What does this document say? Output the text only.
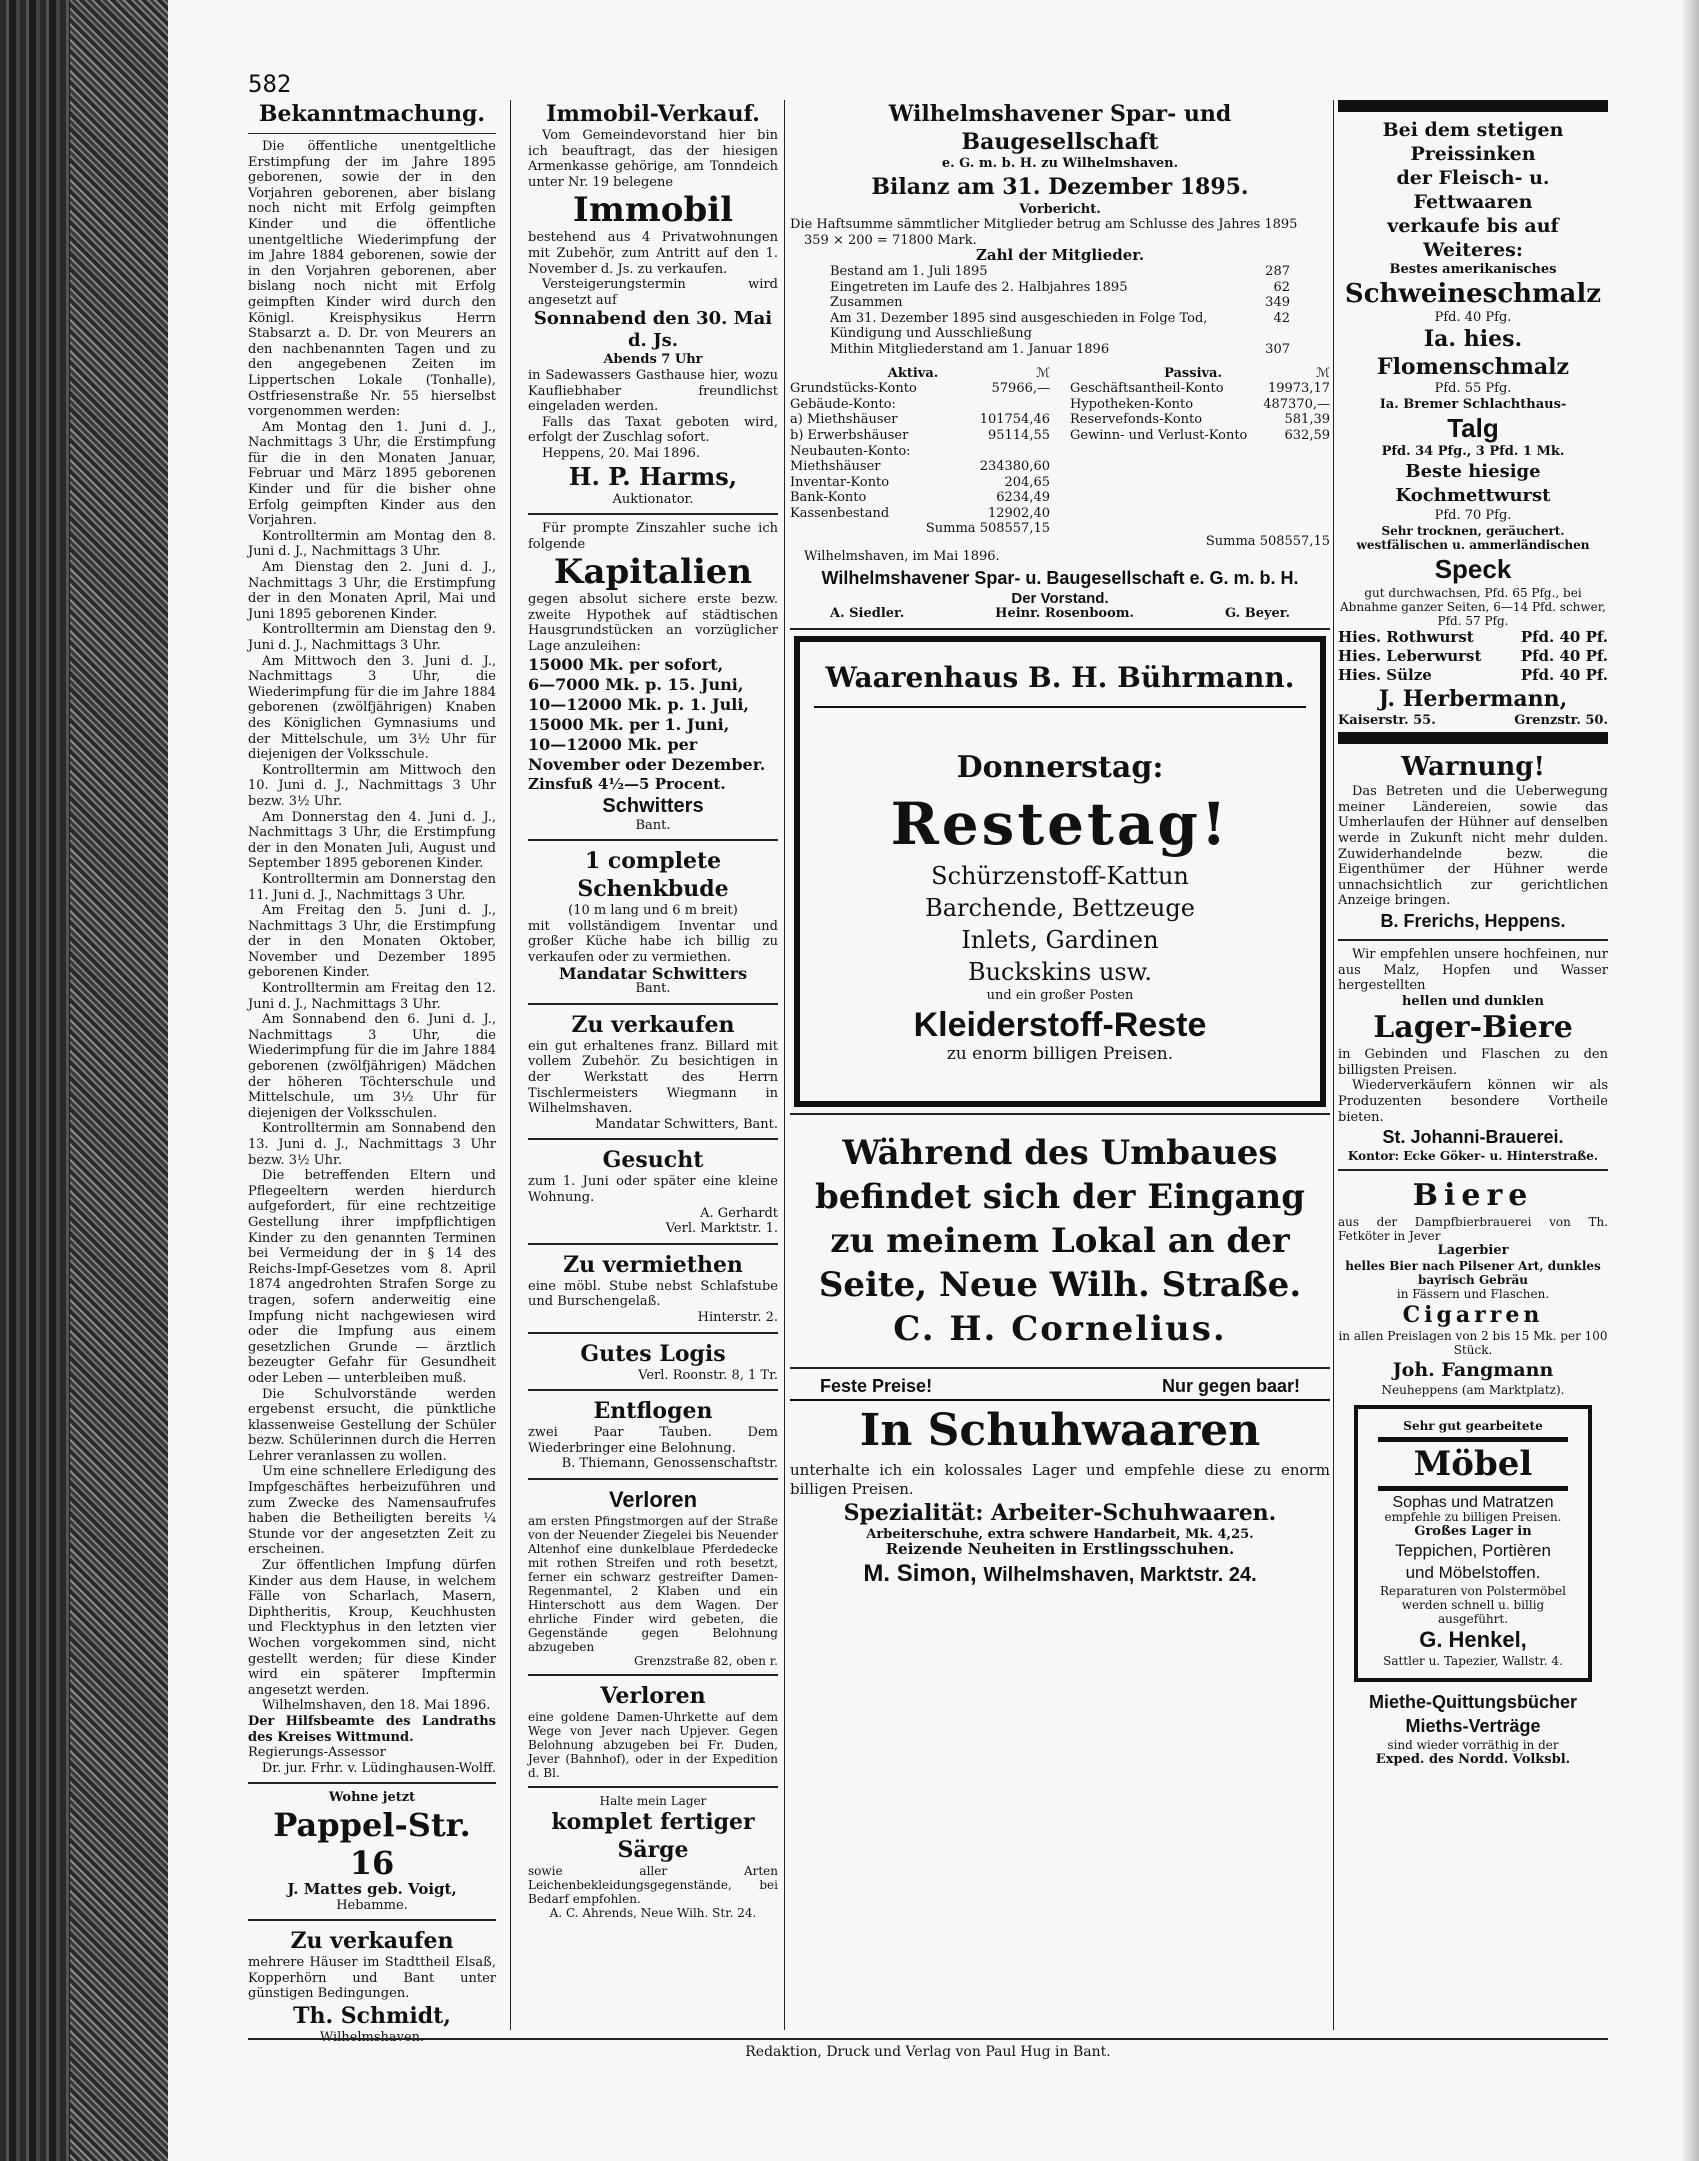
582
Bekanntmachung.

Die öffentliche unentgeltliche Erstimpfung der im Jahre 1895 geborenen, sowie der in den Vorjahren geborenen, aber bislang noch nicht mit Erfolg geimpften Kinder und die öffentliche unentgeltliche Wiederimpfung der im Jahre 1884 geborenen, sowie der in den Vorjahren geborenen, aber bislang noch nicht mit Erfolg geimpften Kinder wird durch den Königl. Kreisphysikus Herrn Stabsarzt a. D. Dr. von Meurers an den nachbenannten Tagen und zu den angegebenen Zeiten im Lippertschen Lokale (Tonhalle), Ostfriesenstraße Nr. 55 hierselbst vorgenommen werden:

Am Montag den 1. Juni d. J., Nachmittags 3 Uhr, die Erstimpfung für die in den Monaten Januar, Februar und März 1895 geborenen Kinder und für die bisher ohne Erfolg geimpften Kinder aus den Vorjahren.

Kontrolltermin am Montag den 8. Juni d. J., Nachmittags 3 Uhr.

Am Dienstag den 2. Juni d. J., Nachmittags 3 Uhr, die Erstimpfung der in den Monaten April, Mai und Juni 1895 geborenen Kinder.

Kontrolltermin am Dienstag den 9. Juni d. J., Nachmittags 3 Uhr.

Am Mittwoch den 3. Juni d. J., Nachmittags 3 Uhr, die Wiederimpfung für die im Jahre 1884 geborenen (zwölfjährigen) Knaben des Königlichen Gymnasiums und der Mittelschule, um 3½ Uhr für diejenigen der Volksschule.

Kontrolltermin am Mittwoch den 10. Juni d. J., Nachmittags 3 Uhr bezw. 3½ Uhr.

Am Donnerstag den 4. Juni d. J., Nachmittags 3 Uhr, die Erstimpfung der in den Monaten Juli, August und September 1895 geborenen Kinder.

Kontrolltermin am Donnerstag den 11. Juni d. J., Nachmittags 3 Uhr.

Am Freitag den 5. Juni d. J., Nachmittags 3 Uhr, die Erstimpfung der in den Monaten Oktober, November und Dezember 1895 geborenen Kinder.

Kontrolltermin am Freitag den 12. Juni d. J., Nachmittags 3 Uhr.

Am Sonnabend den 6. Juni d. J., Nachmittags 3 Uhr, die Wiederimpfung für die im Jahre 1884 geborenen (zwölfjährigen) Mädchen der höheren Töchterschule und Mittelschule, um 3½ Uhr für diejenigen der Volksschulen.

Kontrolltermin am Sonnabend den 13. Juni d. J., Nachmittags 3 Uhr bezw. 3½ Uhr.

Die betreffenden Eltern und Pflegeeltern werden hierdurch aufgefordert, für eine rechtzeitige Gestellung ihrer impfpflichtigen Kinder zu den genannten Terminen bei Vermeidung der in § 14 des Reichs-Impf-Gesetzes vom 8. April 1874 angedrohten Strafen Sorge zu tragen, sofern anderweitig eine Impfung nicht nachgewiesen wird oder die Impfung aus einem gesetzlichen Grunde — ärztlich bezeugter Gefahr für Gesundheit oder Leben — unterbleiben muß.

Die Schulvorstände werden ergebenst ersucht, die pünktliche klassenweise Gestellung der Schüler bezw. Schülerinnen durch die Herren Lehrer veranlassen zu wollen.

Um eine schnellere Erledigung des Impfgeschäftes herbeizuführen und zum Zwecke des Namensaufrufes haben die Betheiligten bereits ¼ Stunde vor der angesetzten Zeit zu erscheinen.

Zur öffentlichen Impfung dürfen Kinder aus dem Hause, in welchem Fälle von Scharlach, Masern, Diphtheritis, Kroup, Keuchhusten und Flecktyphus in den letzten vier Wochen vorgekommen sind, nicht gestellt werden; für diese Kinder wird ein späterer Impftermin angesetzt werden.

Wilhelmshaven, den 18. Mai 1896.

Der Hilfsbeamte des Landraths des Kreises Wittmund.

Regierungs-Assessor

Dr. jur. Frhr. v. Lüdinghausen-Wolff.

Wohne jetzt
Pappel-Str. 16
J. Mattes geb. Voigt,
Hebamme.
Zu verkaufen

mehrere Häuser im Stadttheil Elsaß, Kopperhörn und Bant unter günstigen Bedingungen.

Th. Schmidt,
Wilhelmshaven.
Immobil-Verkauf.

Vom Gemeindevorstand hier bin ich beauftragt, das der hiesigen Armenkasse gehörige, am Tonndeich unter Nr. 19 belegene

Immobil

bestehend aus 4 Privatwohnungen mit Zubehör, zum Antritt auf den 1. November d. Js. zu verkaufen.

Versteigerungstermin wird angesetzt auf

Sonnabend den 30. Mai d. Js.
Abends 7 Uhr

in Sadewassers Gasthause hier, wozu Kaufliebhaber freundlichst eingeladen werden.

Falls das Taxat geboten wird, erfolgt der Zuschlag sofort.

Heppens, 20. Mai 1896.

H. P. Harms,
Auktionator.

Für prompte Zinszahler suche ich folgende

Kapitalien

gegen absolut sichere erste bezw. zweite Hypothek auf städtischen Hausgrundstücken an vorzüglicher Lage anzuleihen:

15000 Mk. per sofort,
6—7000 Mk. p. 15. Juni,
10—12000 Mk. p. 1. Juli,
15000 Mk. per 1. Juni,
10—12000 Mk. per November oder Dezember.
Zinsfuß 4½—5 Procent.
Schwitters
Bant.
1 complete Schenkbude
(10 m lang und 6 m breit)

mit vollständigem Inventar und großer Küche habe ich billig zu verkaufen oder zu vermiethen.

Mandatar Schwitters
Bant.
Zu verkaufen

ein gut erhaltenes franz. Billard mit vollem Zubehör. Zu besichtigen in der Werkstatt des Herrn Tischlermeisters Wiegmann in Wilhelmshaven.

Mandatar Schwitters, Bant.
Gesucht

zum 1. Juni oder später eine kleine Wohnung.

A. Gerhardt
Verl. Marktstr. 1.
Zu vermiethen

eine möbl. Stube nebst Schlafstube und Burschengelaß.

Hinterstr. 2.
Gutes Logis
Verl. Roonstr. 8, 1 Tr.
Entflogen

zwei Paar Tauben. Dem Wiederbringer eine Belohnung.

B. Thiemann, Genossenschaftstr.
Verloren

am ersten Pfingstmorgen auf der Straße von der Neuender Ziegelei bis Neuender Altenhof eine dunkelblaue Pferdedecke mit rothen Streifen und roth besetzt, ferner ein schwarz gestreifter Damen-Regenmantel, 2 Klaben und ein Hinterschott aus dem Wagen. Der ehrliche Finder wird gebeten, die Gegenstände gegen Belohnung abzugeben

Grenzstraße 82, oben r.
Verloren

eine goldene Damen-Uhrkette auf dem Wege von Jever nach Upjever. Gegen Belohnung abzugeben bei Fr. Duden, Jever (Bahnhof), oder in der Expedition d. Bl.

Halte mein Lager
komplet fertiger Särge

sowie aller Arten Leichenbekleidungsgegenstände, bei Bedarf empfohlen.

A. C. Ahrends, Neue Wilh. Str. 24.
Wilhelmshavener Spar- und Baugesellschaft
e. G. m. b. H. zu Wilhelmshaven.
Bilanz am 31. Dezember 1895.
Vorbericht.

Die Haftsumme sämmtlicher Mitglieder betrug am Schlusse des Jahres 1895

359 × 200 = 71800 Mark.

Zahl der Mitglieder.
Bestand am 1. Juli 1895	287
Eingetreten im Laufe des 2. Halbjahres 1895	62
Zusammen	349
Am 31. Dezember 1895 sind ausgeschieden in Folge Tod, Kündigung und Ausschließung
42
Mithin Mitgliederstand am 1. Januar 1896	307
Aktiva.	ℳ
Grundstücks-Konto	57966,—
Gebäude-Konto:
a) Miethshäuser	101754,46
b) Erwerbshäuser	95114,55
Neubauten-Konto:
Miethshäuser	234380,60
Inventar-Konto	204,65
Bank-Konto	6234,49
Kassenbestand	12902,40
Summa 508557,15
Passiva.	ℳ
Geschäftsantheil-Konto	19973,17
Hypotheken-Konto	487370,—
Reservefonds-Konto	581,39
Gewinn- und Verlust-Konto	632,59
Summa 508557,15

Wilhelmshaven, im Mai 1896.

Wilhelmshavener Spar- u. Baugesellschaft e. G. m. b. H.
Der Vorstand.
A. Siedler.	Heinr. Rosenboom.	G. Beyer.
Waarenhaus B. H. Bührmann.
Donnerstag:
Restetag!
Schürzenstoff-Kattun
Barchende, Bettzeuge
Inlets, Gardinen
Buckskins usw.
und ein großer Posten
Kleiderstoff-Reste
zu enorm billigen Preisen.
Während des Umbaues
befindet sich der Eingang
zu meinem Lokal an der
Seite, Neue Wilh. Straße.
C. H. Cornelius.
Feste Preise!	Nur gegen baar!
In Schuhwaaren

unterhalte ich ein kolossales Lager und empfehle diese zu enorm billigen Preisen.

Spezialität: Arbeiter-Schuhwaaren.
Arbeiterschuhe, extra schwere Handarbeit, Mk. 4,25.
Reizende Neuheiten in Erstlingsschuhen.
M. Simon, Wilhelmshaven, Marktstr. 24.
Bei dem stetigen Preissinken
der Fleisch- u. Fettwaaren
verkaufe bis auf Weiteres:
Bestes amerikanisches
Schweineschmalz
Pfd. 40 Pfg.
Ia. hies. Flomenschmalz
Pfd. 55 Pfg.
Ia. Bremer Schlachthaus-
Talg
Pfd. 34 Pfg., 3 Pfd. 1 Mk.
Beste hiesige Kochmettwurst
Pfd. 70 Pfg.
Sehr trocknen, geräuchert. westfälischen u. ammerländischen
Speck
gut durchwachsen, Pfd. 65 Pfg., bei Abnahme ganzer Seiten, 6—14 Pfd. schwer, Pfd. 57 Pfg.
Hies. Rothwurst	Pfd. 40 Pf.
Hies. Leberwurst	Pfd. 40 Pf.
Hies. Sülze	Pfd. 40 Pf.
J. Herbermann,
Kaiserstr. 55.	Grenzstr. 50.
Warnung!

Das Betreten und die Ueberwegung meiner Ländereien, sowie das Umherlaufen der Hühner auf denselben werde in Zukunft nicht mehr dulden. Zuwiderhandelnde bezw. die Eigenthümer der Hühner werde unnachsichtlich zur gerichtlichen Anzeige bringen.

B. Frerichs, Heppens.

Wir empfehlen unsere hochfeinen, nur aus Malz, Hopfen und Wasser hergestellten

hellen und dunklen
Lager-Biere

in Gebinden und Flaschen zu den billigsten Preisen.

Wiederverkäufern können wir als Produzenten besondere Vortheile bieten.

St. Johanni-Brauerei.
Kontor: Ecke Göker- u. Hinterstraße.
Biere

aus der Dampfbierbrauerei von Th. Fetköter in Jever

Lagerbier
helles Bier nach Pilsener Art, dunkles bayrisch Gebräu
in Fässern und Flaschen.
Cigarren
in allen Preislagen von 2 bis 15 Mk. per 100 Stück.
Joh. Fangmann
Neuheppens (am Marktplatz).
Sehr gut gearbeitete
Möbel
Sophas und Matratzen
empfehle zu billigen Preisen.
Großes Lager in
Teppichen, Portièren
und Möbelstoffen.
Reparaturen von Polstermöbel werden schnell u. billig ausgeführt.
G. Henkel,
Sattler u. Tapezier, Wallstr. 4.
Miethe-Quittungsbücher
Mieths-Verträge
sind wieder vorräthig in der
Exped. des Nordd. Volksbl.
Redaktion, Druck und Verlag von Paul Hug in Bant.
